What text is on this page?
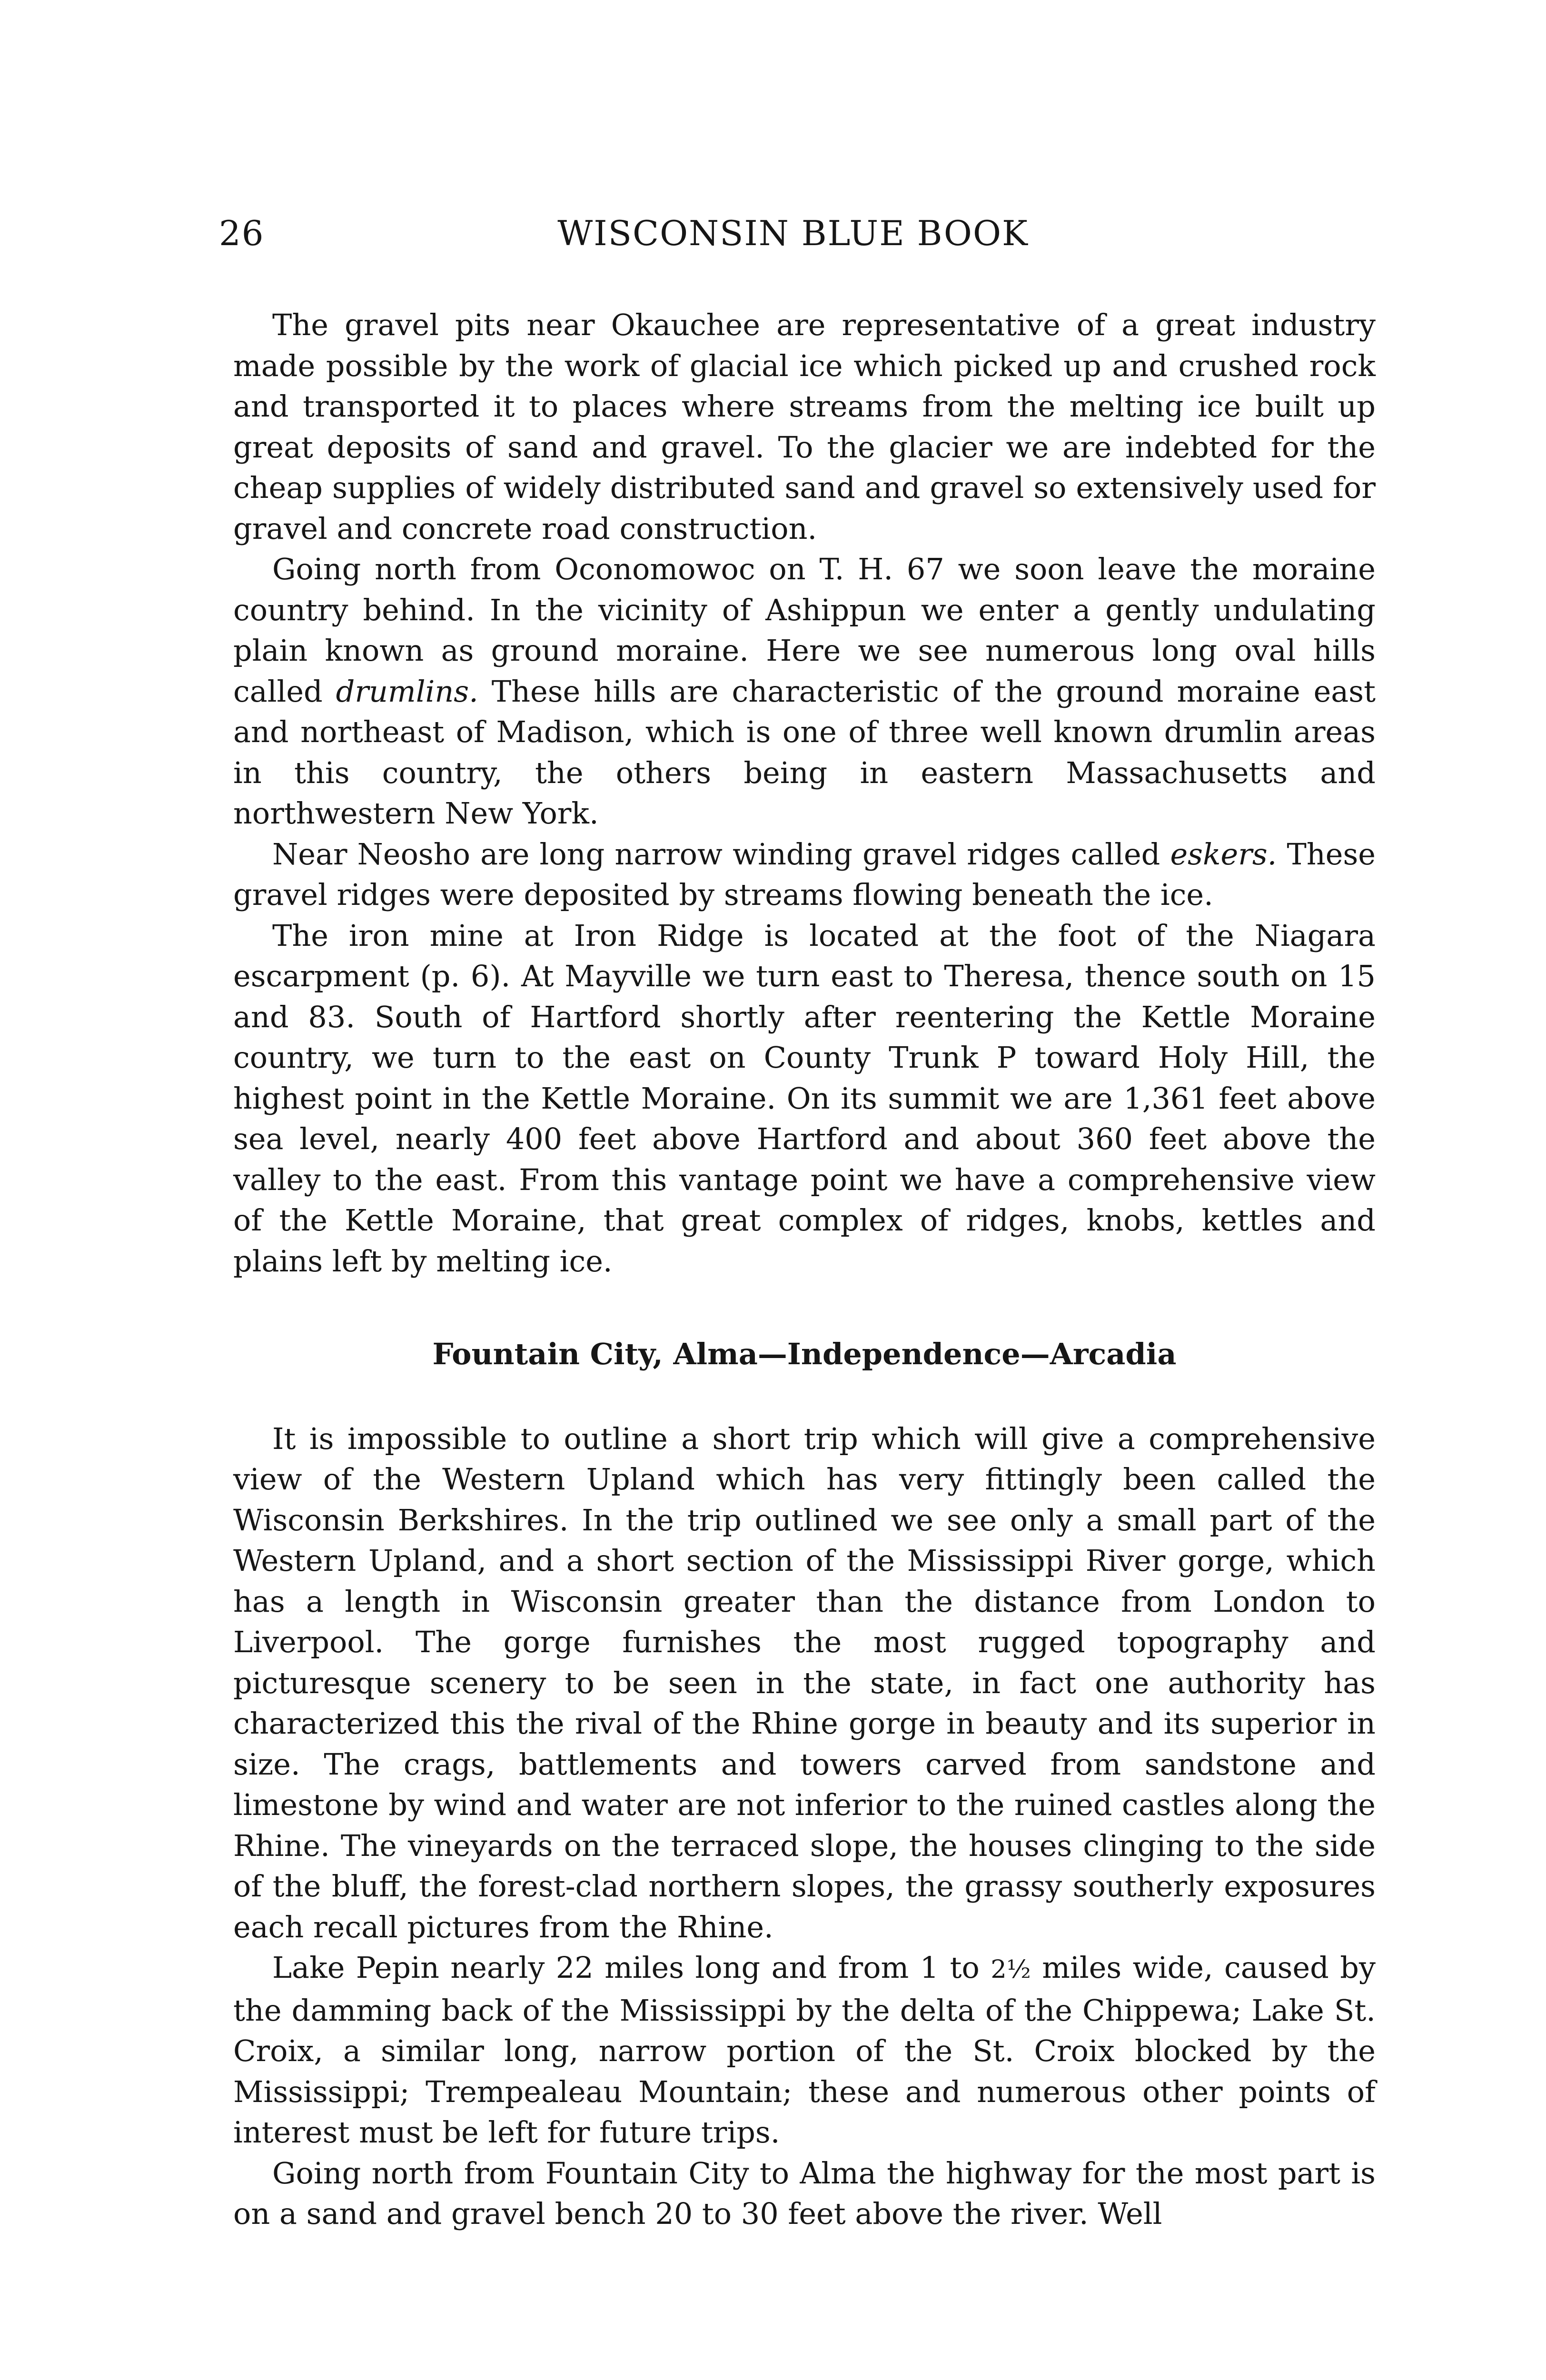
26	WISCONSIN BLUE BOOK

The gravel pits near Okauchee are representative of a great industry made possible by the work of glacial ice which picked up and crushed rock and transported it to places where streams from the melting ice built up great deposits of sand and gravel. To the glacier we are indebted for the cheap supplies of widely distributed sand and gravel so extensively used for gravel and concrete road construction.

Going north from Oconomowoc on T. H. 67 we soon leave the moraine country behind. In the vicinity of Ashippun we enter a gently undulating plain known as ground moraine. Here we see numerous long oval hills called drumlins. These hills are characteristic of the ground moraine east and northeast of Madison, which is one of three well known drumlin areas in this country, the others being in eastern Massachusetts and northwestern New York.

Near Neosho are long narrow winding gravel ridges called eskers. These gravel ridges were deposited by streams flowing beneath the ice.

The iron mine at Iron Ridge is located at the foot of the Niagara escarpment (p. 6). At Mayville we turn east to Theresa, thence south on 15 and 83. South of Hartford shortly after reentering the Kettle Moraine country, we turn to the east on County Trunk P toward Holy Hill, the highest point in the Kettle Moraine. On its summit we are 1,361 feet above sea level, nearly 400 feet above Hartford and about 360 feet above the valley to the east. From this vantage point we have a comprehensive view of the Kettle Moraine, that great complex of ridges, knobs, kettles and plains left by melting ice.

Fountain City, Alma—Independence—Arcadia

It is impossible to outline a short trip which will give a comprehensive view of the Western Upland which has very fittingly been called the Wisconsin Berkshires. In the trip outlined we see only a small part of the Western Upland, and a short section of the Mississippi River gorge, which has a length in Wisconsin greater than the distance from London to Liverpool. The gorge furnishes the most rugged topography and picturesque scenery to be seen in the state, in fact one authority has characterized this the rival of the Rhine gorge in beauty and its superior in size. The crags, battlements and towers carved from sandstone and limestone by wind and water are not inferior to the ruined castles along the Rhine. The vineyards on the terraced slope, the houses clinging to the side of the bluff, the forest-clad northern slopes, the grassy southerly exposures each recall pictures from the Rhine.

Lake Pepin nearly 22 miles long and from 1 to 2½ miles wide, caused by the damming back of the Mississippi by the delta of the Chippewa; Lake St. Croix, a similar long, narrow portion of the St. Croix blocked by the Mississippi; Trempealeau Mountain; these and numerous other points of interest must be left for future trips.

Going north from Fountain City to Alma the highway for the most part is on a sand and gravel bench 20 to 30 feet above the river. Well
